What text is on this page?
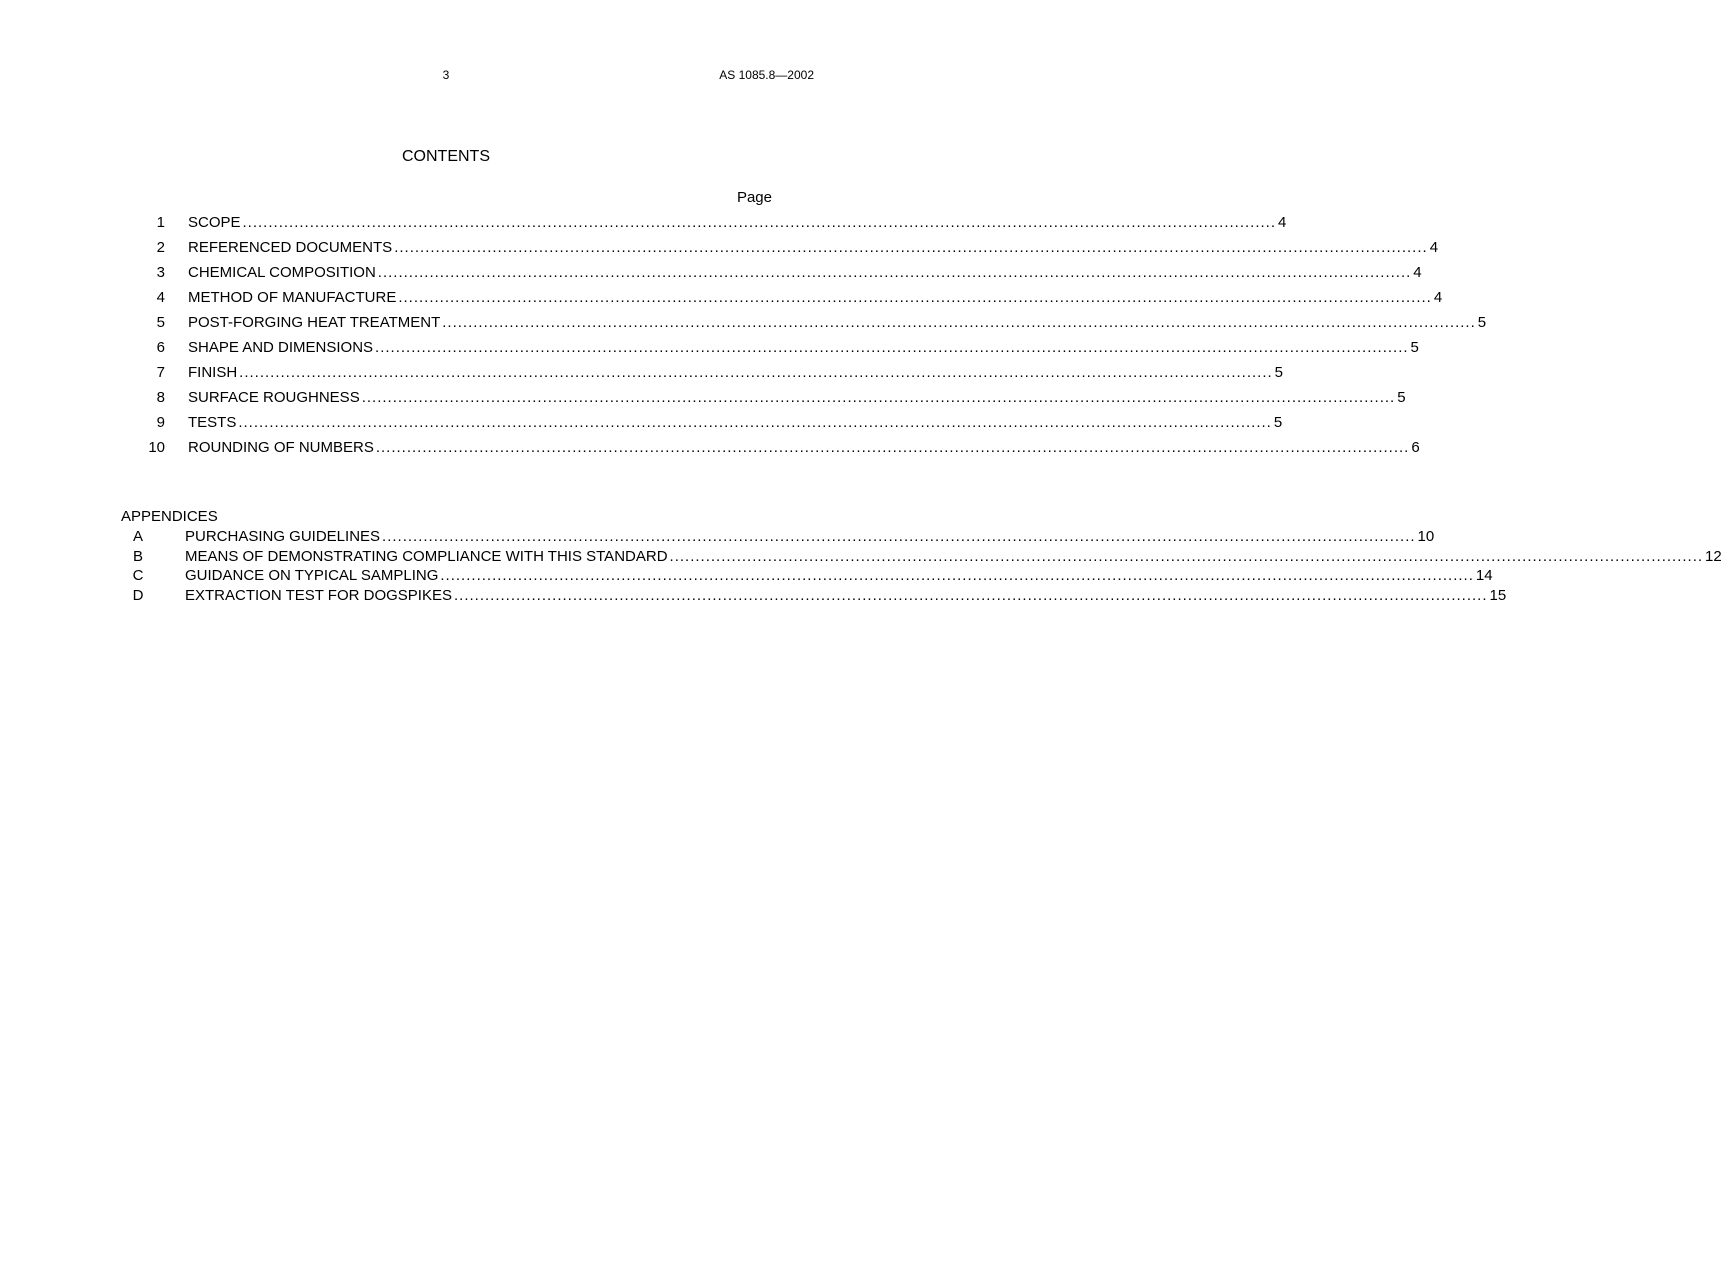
3	AS 1085.8—2002
CONTENTS
Page
1 SCOPE ........................................................................................................................................................................................................ 4
2 REFERENCED DOCUMENTS ........................................................................................................................................................................................................ 4
3 CHEMICAL COMPOSITION ........................................................................................................................................................................................................ 4
4 METHOD OF MANUFACTURE ........................................................................................................................................................................................................ 4
5 POST-FORGING HEAT TREATMENT ........................................................................................................................................................................................................ 5
6 SHAPE AND DIMENSIONS ........................................................................................................................................................................................................ 5
7 FINISH ........................................................................................................................................................................................................ 5
8 SURFACE ROUGHNESS ........................................................................................................................................................................................................ 5
9 TESTS ........................................................................................................................................................................................................ 5
10 ROUNDING OF NUMBERS ........................................................................................................................................................................................................ 6
APPENDICES
A	PURCHASING GUIDELINES ........................................................................................................................................................................................................ 10
B	MEANS OF DEMONSTRATING COMPLIANCE WITH THIS STANDARD ........................................................................................................................................................................................................ 12
C	GUIDANCE ON TYPICAL SAMPLING ........................................................................................................................................................................................................ 14
D	EXTRACTION TEST FOR DOGSPIKES ........................................................................................................................................................................................................ 15
